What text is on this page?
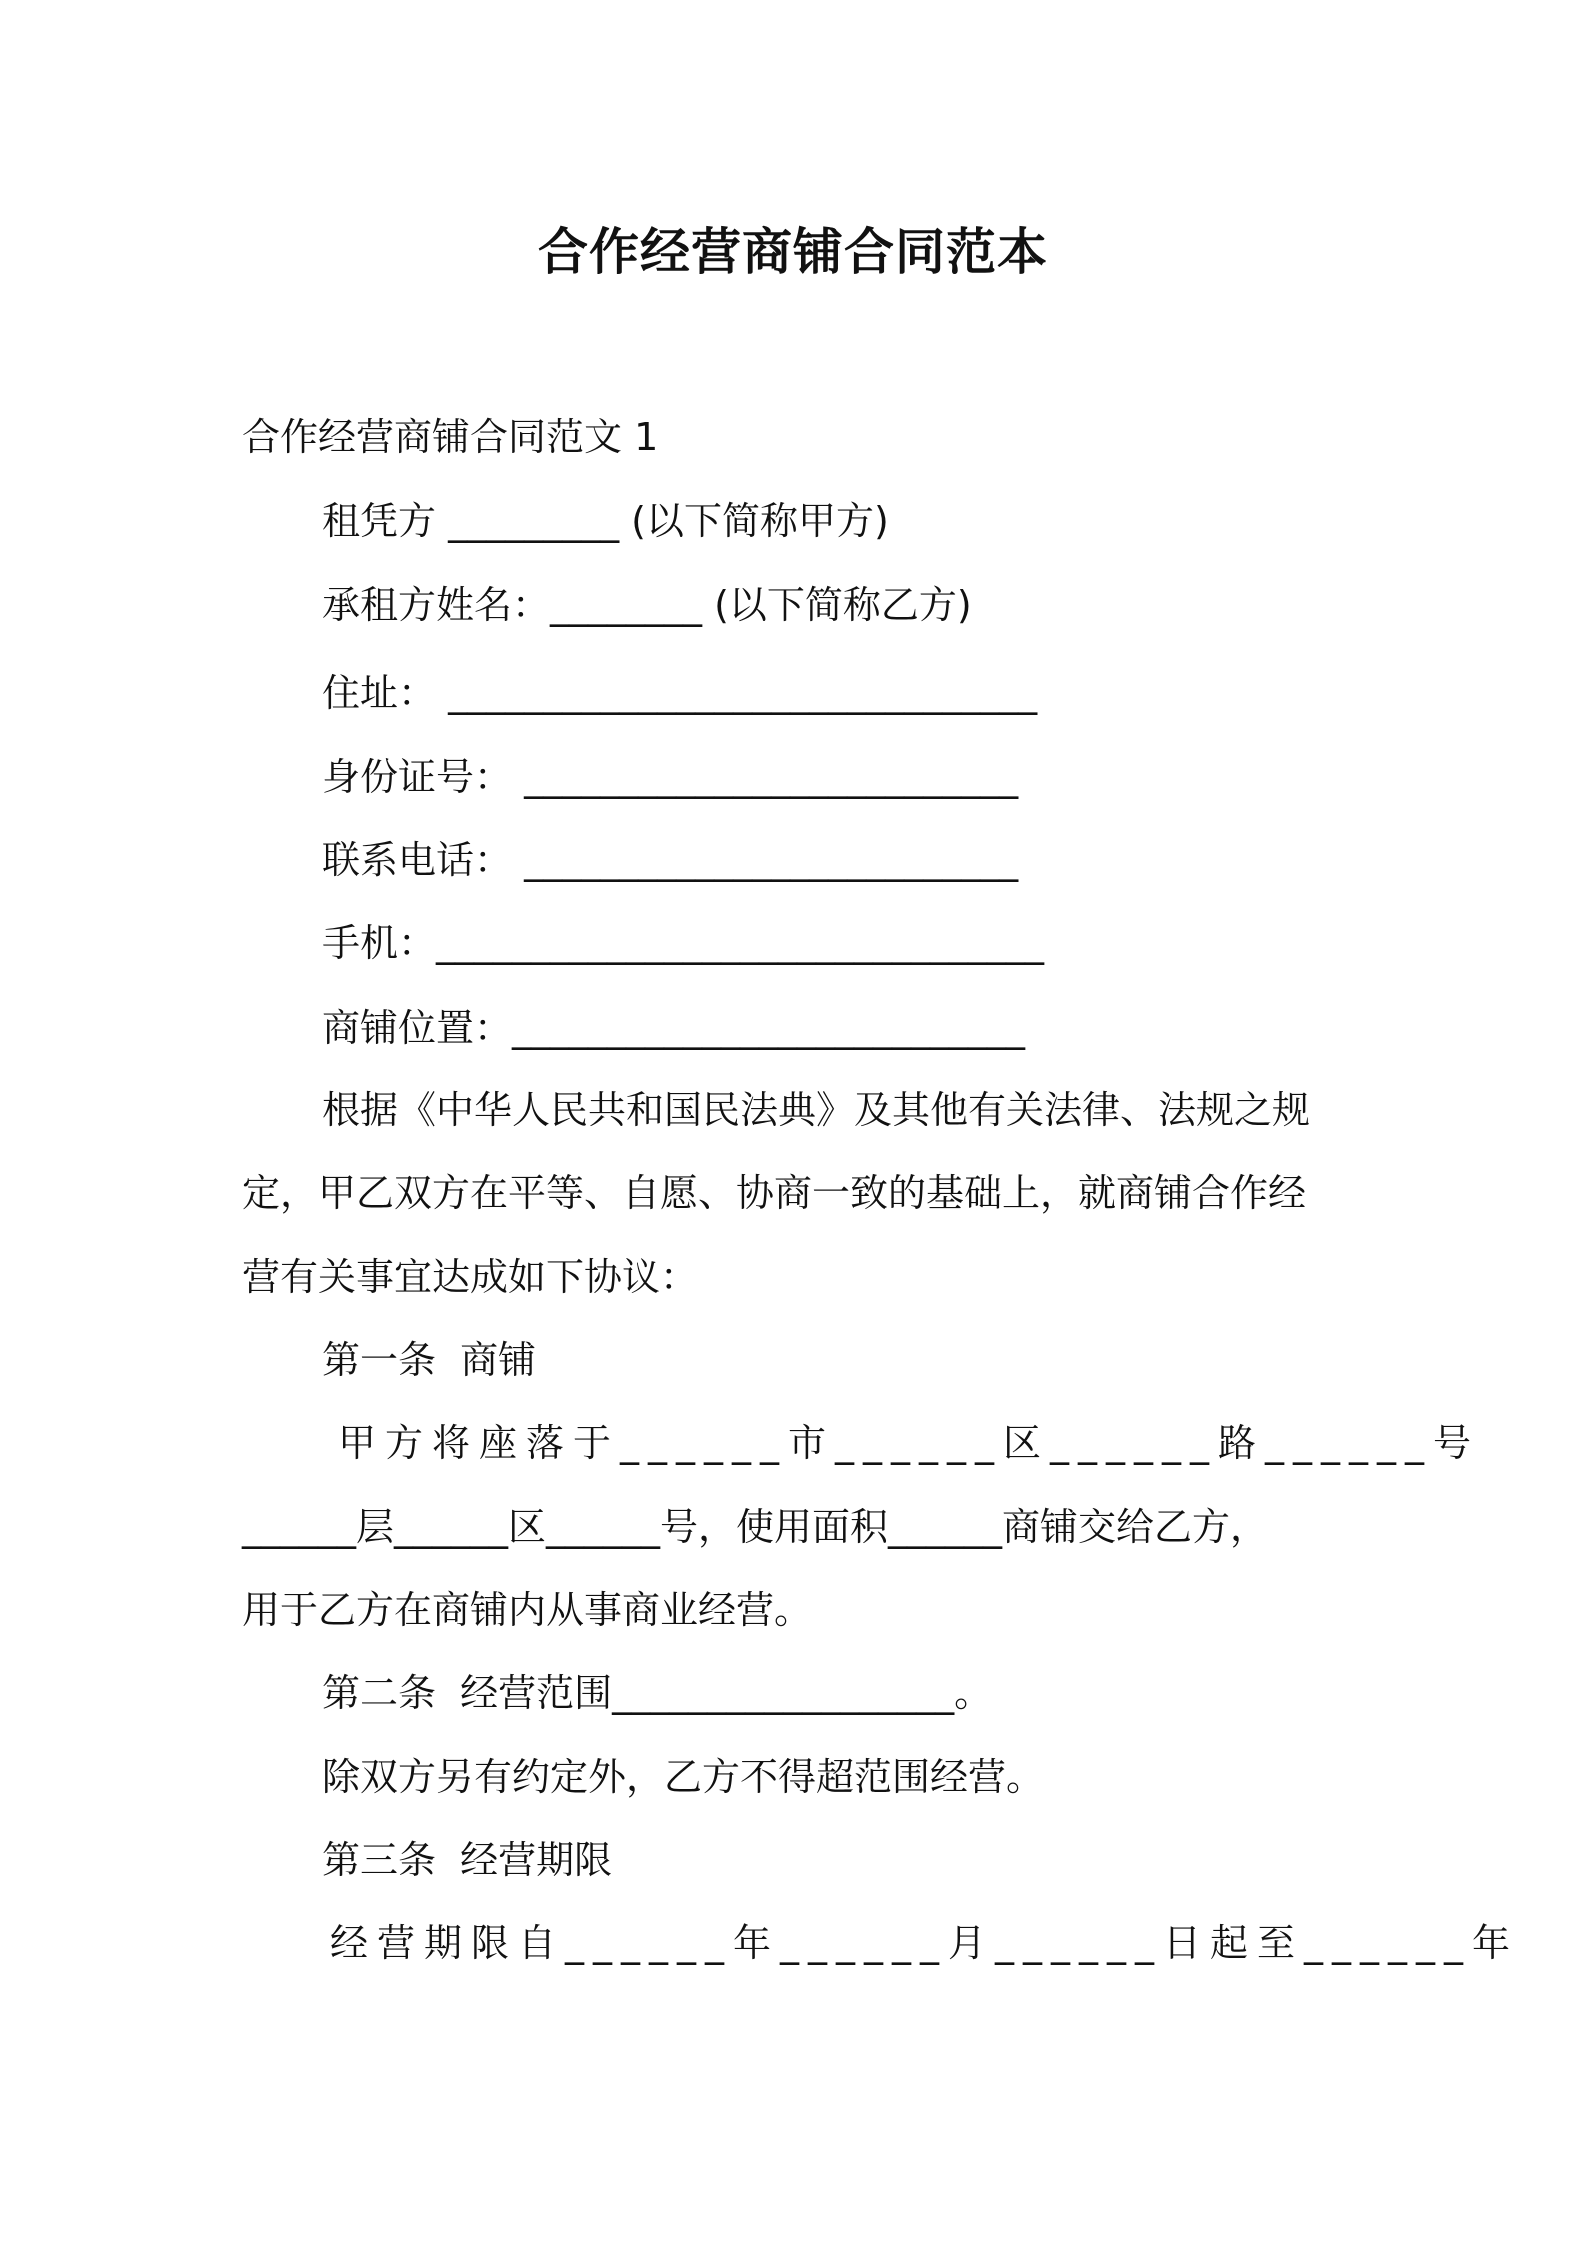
合作经营商铺合同范本
合作经营商铺合同范文 1
租凭方 _________ (以下简称甲方)
承租方姓名：________ (以下简称乙方)
住址： _______________________________
身份证号： __________________________
联系电话： __________________________
手机：________________________________
商铺位置：___________________________
根据《中华人民共和国民法典》及其他有关法律、法规之规
定，甲乙双方在平等、自愿、协商一致的基础上，就商铺合作经
营有关事宜达成如下协议：
第一条  商铺
甲方将座落于______市______区______路______号
______层______区______号，使用面积______商铺交给乙方，
用于乙方在商铺内从事商业经营。
第二条  经营范围__________________。
除双方另有约定外，乙方不得超范围经营。
第三条  经营期限
经营期限自______年______月______日起至______年
